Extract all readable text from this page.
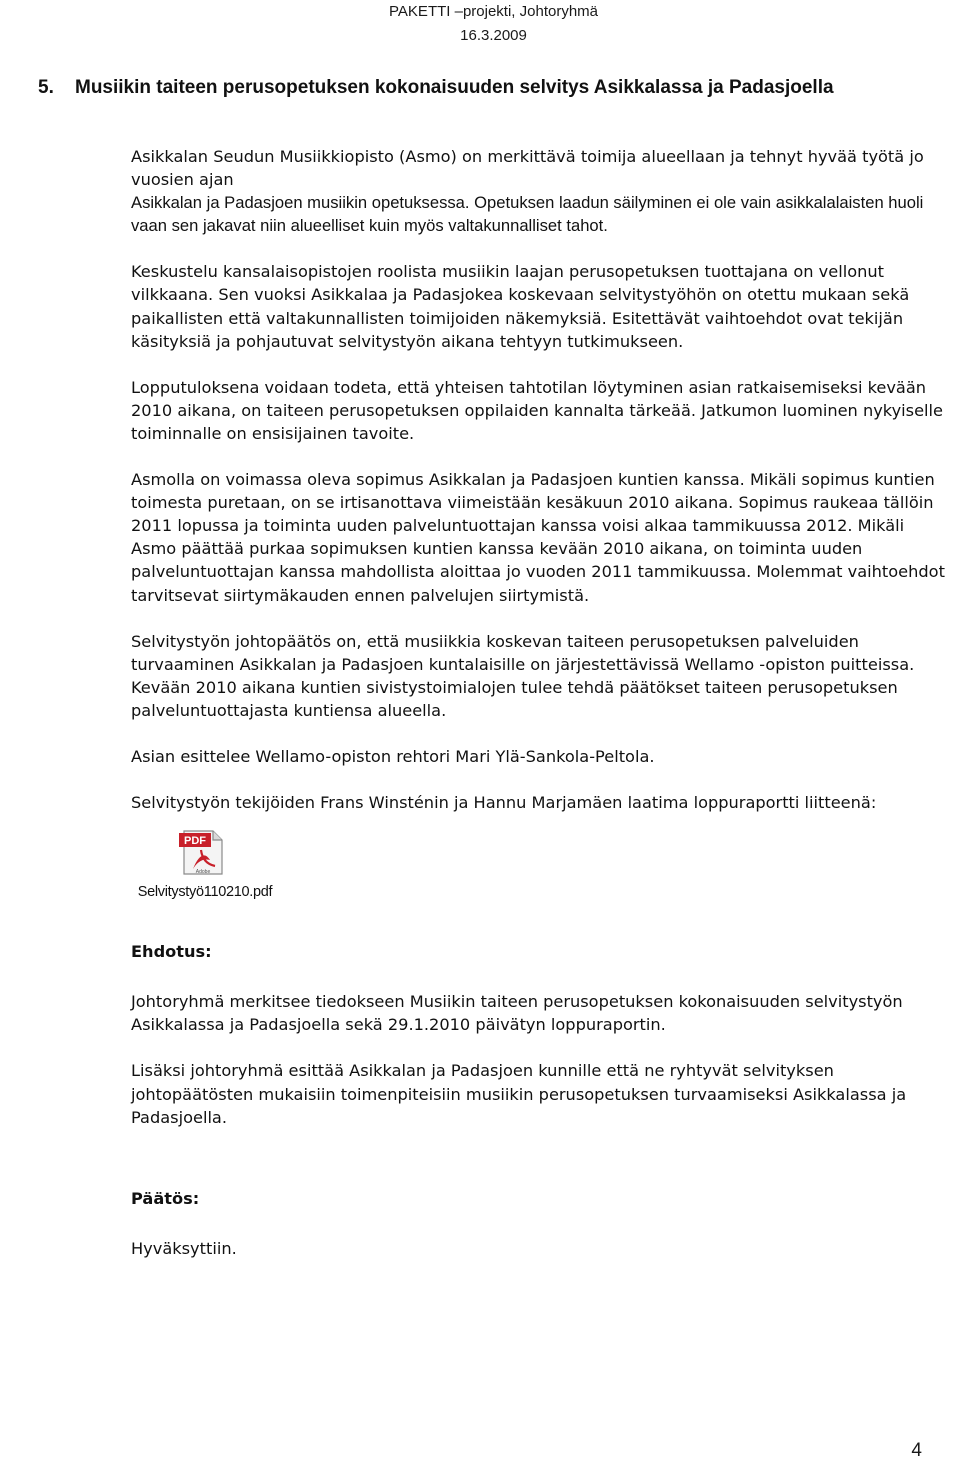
PAKETTI –projekti, Johtoryhmä
16.3.2009
5. Musiikin taiteen perusopetuksen kokonaisuuden selvitys Asikkalassa ja Padasjoella

Asikkalan Seudun Musiikkiopisto (Asmo) on merkittävä toimija alueellaan ja tehnyt hyvää työtä jo vuosien ajan

Asikkalan ja Padasjoen musiikin opetuksessa. Opetuksen laadun säilyminen ei ole vain asikkalalaisten huoli vaan sen jakavat niin alueelliset kuin myös valtakunnalliset tahot.

Keskustelu kansalaisopistojen roolista musiikin laajan perusopetuksen tuottajana on vellonut vilkkaana. Sen vuoksi Asikkalaa ja Padasjokea koskevaan selvitystyöhön on otettu mukaan sekä paikallisten että valtakunnallisten toimijoiden näkemyksiä. Esitettävät vaihtoehdot ovat tekijän käsityksiä ja pohjautuvat selvitystyön aikana tehtyyn tutkimukseen.

Lopputuloksena voidaan todeta, että yhteisen tahtotilan löytyminen asian ratkaisemiseksi kevään 2010 aikana, on taiteen perusopetuksen oppilaiden kannalta tärkeää. Jatkumon luominen nykyiselle toiminnalle on ensisijainen tavoite.

Asmolla on voimassa oleva sopimus Asikkalan ja Padasjoen kuntien kanssa. Mikäli sopimus kuntien toimesta puretaan, on se irtisanottava viimeistään kesäkuun 2010 aikana. Sopimus raukeaa tällöin 2011 lopussa ja toiminta uuden palveluntuottajan kanssa voisi alkaa tammikuussa 2012. Mikäli Asmo päättää purkaa sopimuksen kuntien kanssa kevään 2010 aikana, on toiminta uuden palveluntuottajan kanssa mahdollista aloittaa jo vuoden 2011 tammikuussa. Molemmat vaihtoehdot tarvitsevat siirtymäkauden ennen palvelujen siirtymistä.

Selvitystyön johtopäätös on, että musiikkia koskevan taiteen perusopetuksen palveluiden turvaaminen Asikkalan ja Padasjoen kuntalaisille on järjestettävissä Wellamo -opiston puitteissa. Kevään 2010 aikana kuntien sivistystoimialojen tulee tehdä päätökset taiteen perusopetuksen palveluntuottajasta kuntiensa alueella.

Asian esittelee Wellamo-opiston rehtori Mari Ylä-Sankola-Peltola.

Selvitystyön tekijöiden Frans Winsténin ja Hannu Marjamäen laatima loppuraportti liitteenä:

PDF
Adobe
Selvitystyö110210.pdf

Ehdotus:

Johtoryhmä merkitsee tiedokseen Musiikin taiteen perusopetuksen kokonaisuuden selvitystyön Asikkalassa ja Padasjoella sekä 29.1.2010 päivätyn loppuraportin.

Lisäksi johtoryhmä esittää Asikkalan ja Padasjoen kunnille että ne ryhtyvät selvityksen johtopäätösten mukaisiin toimenpiteisiin musiikin perusopetuksen turvaamiseksi Asikkalassa ja Padasjoella.

Päätös:

Hyväksyttiin.

4
